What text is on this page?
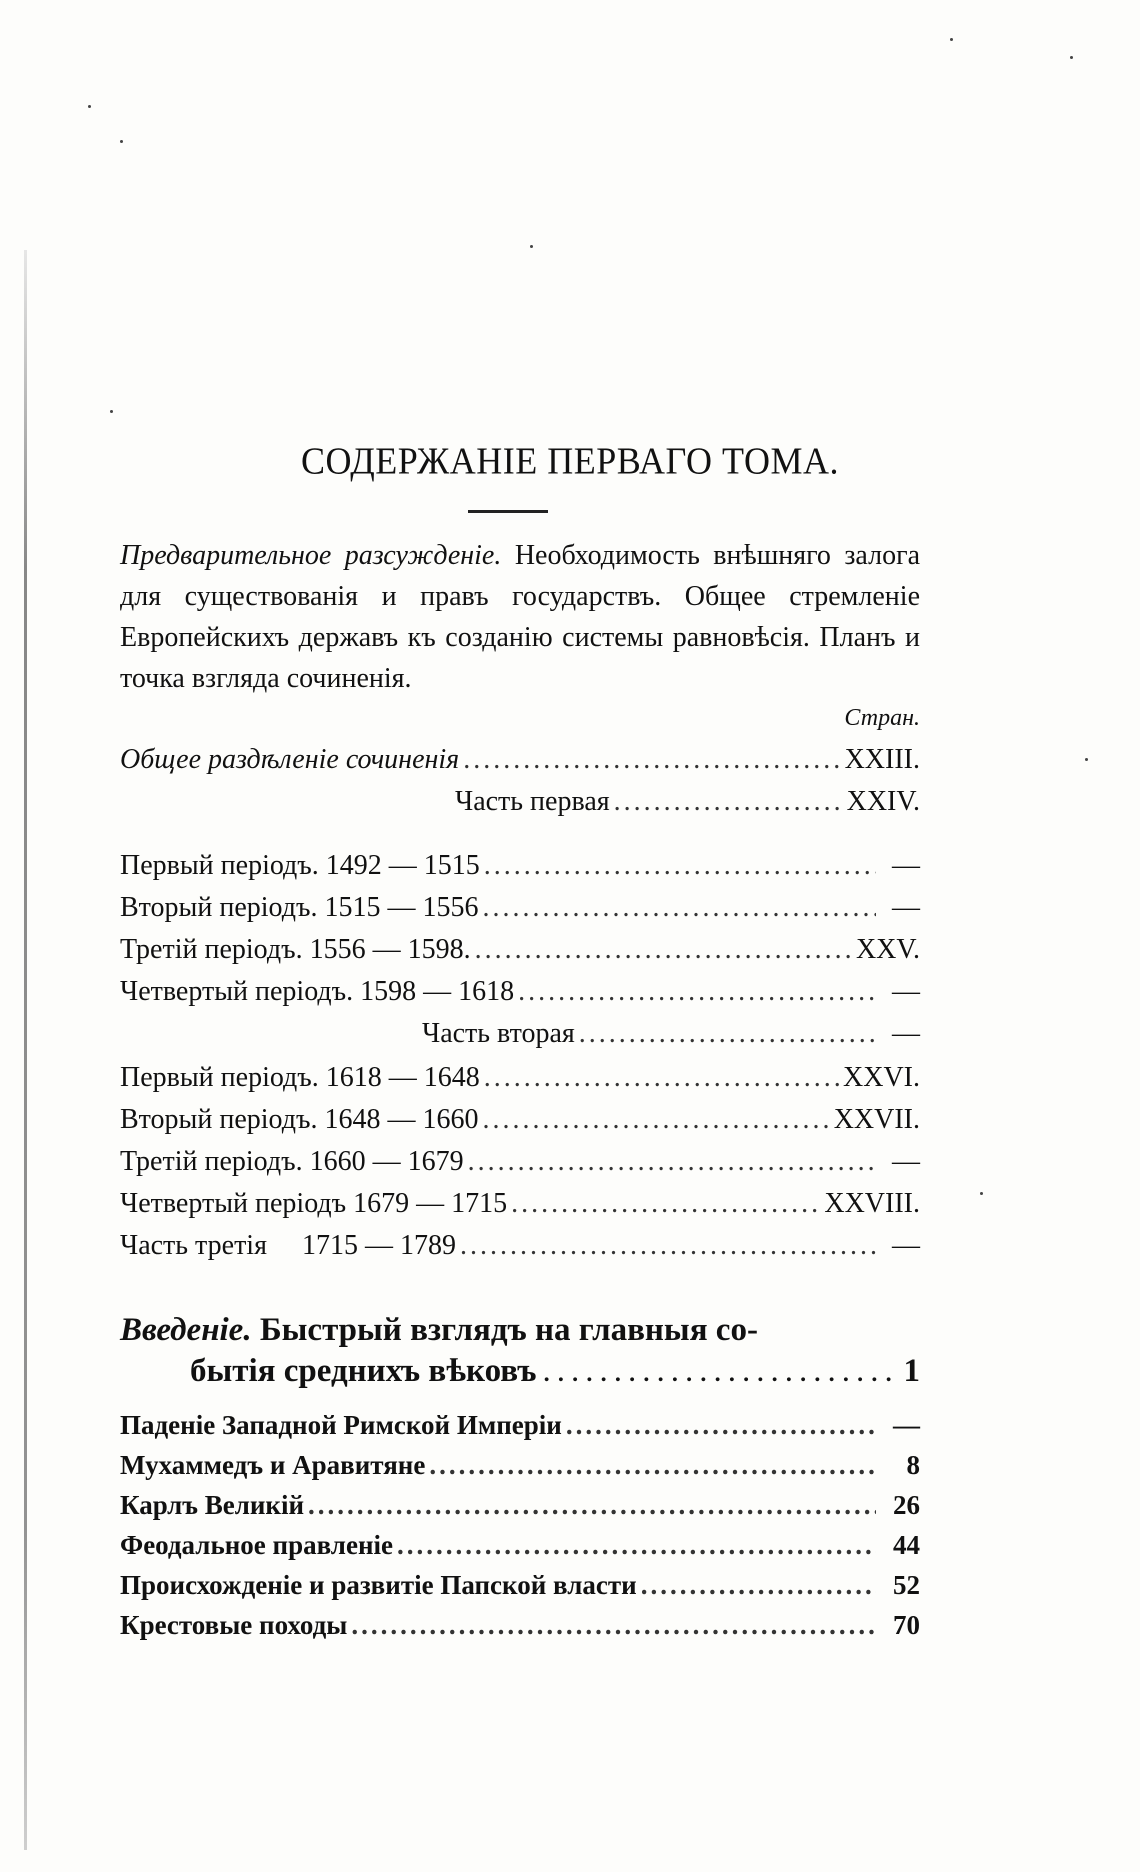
СОДЕРЖАНІЕ ПЕРВАГО ТОМА.
Предварительное разсужденіе. Необходимость внѣшняго залога для существованія и правъ государствъ. Общее стремленіе Европейскихъ державъ къ созданію системы равновѣсія. Планъ и точка взгляда сочиненія.
Стран.
Общее раздѣленіе сочиненія .....	XXIII.
Часть первая .....	XXIV.
Первый періодъ. 1492 — 1515 .....	—
Вторый періодъ. 1515 — 1556 .....	—
Третій періодъ. 1556 — 1598. .....	XXV.
Четвертый періодъ. 1598 — 1618 .....	—
Часть вторая .....	—
Первый періодъ. 1618 — 1648 .....	XXVI.
Вторый періодъ. 1648 — 1660 .....	XXVII.
Третій періодъ. 1660 — 1679 .....	—
Четвертый періодъ 1679 — 1715 .....	XXVIII.
Часть третія     1715 — 1789 .....	—
Введеніе. Быстрый взглядъ на главныя со-
бытія среднихъ вѣковъ .....	1
Паденіе Западной Римской Имперіи .....	—
Мухаммедъ и Аравитяне .....	8
Карлъ Великій .....	26
Феодальное правленіе .....	44
Происхожденіе и развитіе Папской власти .....	52
Крестовые походы .....	70
